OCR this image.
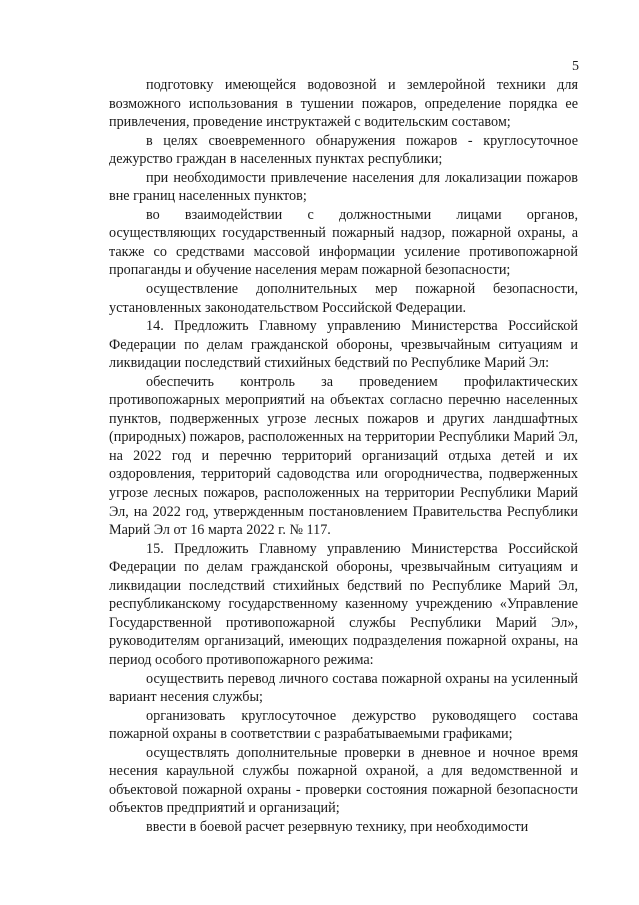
5

подготовку имеющейся водовозной и землеройной техники для возможного использования в тушении пожаров, определение порядка ее привлечения, проведение инструктажей с водительским составом;

в целях своевременного обнаружения пожаров - круглосуточное дежурство граждан в населенных пунктах республики;

при необходимости привлечение населения для локализации пожаров вне границ населенных пунктов;

во взаимодействии с должностными лицами органов, осуществляющих государственный пожарный надзор, пожарной охраны, а также со средствами массовой информации усиление противопожарной пропаганды и обучение населения мерам пожарной безопасности;

осуществление дополнительных мер пожарной безопасности, установленных законодательством Российской Федерации.

14. Предложить Главному управлению Министерства Российской Федерации по делам гражданской обороны, чрезвычайным ситуациям и ликвидации последствий стихийных бедствий по Республике Марий Эл:

обеспечить контроль за проведением профилактических противопожарных мероприятий на объектах согласно перечню населенных пунктов, подверженных угрозе лесных пожаров и других ландшафтных (природных) пожаров, расположенных на территории Республики Марий Эл, на 2022 год и перечню территорий организаций отдыха детей и их оздоровления, территорий садоводства или огородничества, подверженных угрозе лесных пожаров, расположенных на территории Республики Марий Эл, на 2022 год, утвержденным постановлением Правительства Республики Марий Эл от 16 марта 2022 г. № 117.

15. Предложить Главному управлению Министерства Российской Федерации по делам гражданской обороны, чрезвычайным ситуациям и ликвидации последствий стихийных бедствий по Республике Марий Эл, республиканскому государственному казенному учреждению «Управление Государственной противопожарной службы Республики Марий Эл», руководителям организаций, имеющих подразделения пожарной охраны, на период особого противопожарного режима:

осуществить перевод личного состава пожарной охраны на усиленный вариант несения службы;

организовать круглосуточное дежурство руководящего состава пожарной охраны в соответствии с разрабатываемыми графиками;

осуществлять дополнительные проверки в дневное и ночное время несения караульной службы пожарной охраной, а для ведомственной и объектовой пожарной охраны - проверки состояния пожарной безопасности объектов предприятий и организаций;

ввести в боевой расчет резервную технику, при необходимости
